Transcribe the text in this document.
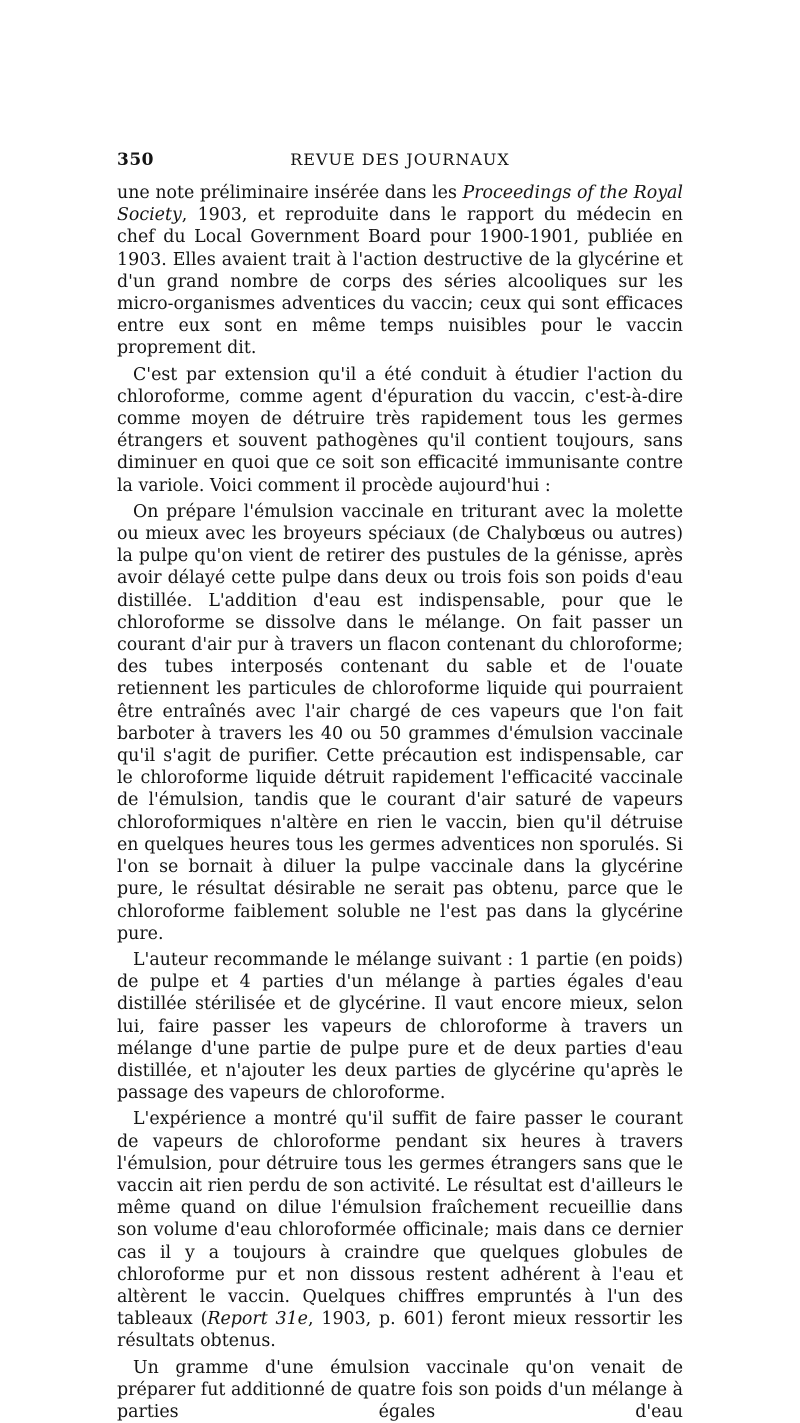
350	REVUE DES JOURNAUX

une note préliminaire insérée dans les Proceedings of the Royal Society, 1903, et reproduite dans le rapport du médecin en chef du Local Government Board pour 1900-1901, publiée en 1903. Elles avaient trait à l'action destructive de la glycérine et d'un grand nombre de corps des séries alcooliques sur les micro-organismes adventices du vaccin; ceux qui sont efficaces entre eux sont en même temps nuisibles pour le vaccin proprement dit.

C'est par extension qu'il a été conduit à étudier l'action du chloroforme, comme agent d'épuration du vaccin, c'est-à-dire comme moyen de détruire très rapidement tous les germes étrangers et souvent pathogènes qu'il contient toujours, sans diminuer en quoi que ce soit son efficacité immunisante contre la variole. Voici comment il procède aujourd'hui :

On prépare l'émulsion vaccinale en triturant avec la molette ou mieux avec les broyeurs spéciaux (de Chalybœus ou autres) la pulpe qu'on vient de retirer des pustules de la génisse, après avoir délayé cette pulpe dans deux ou trois fois son poids d'eau distillée. L'addition d'eau est indispensable, pour que le chloroforme se dissolve dans le mélange. On fait passer un courant d'air pur à travers un flacon contenant du chloroforme; des tubes interposés contenant du sable et de l'ouate retiennent les particules de chloroforme liquide qui pourraient être entraînés avec l'air chargé de ces vapeurs que l'on fait barboter à travers les 40 ou 50 grammes d'émulsion vaccinale qu'il s'agit de purifier. Cette précaution est indispensable, car le chloroforme liquide détruit rapidement l'efficacité vaccinale de l'émulsion, tandis que le courant d'air saturé de vapeurs chloroformiques n'altère en rien le vaccin, bien qu'il détruise en quelques heures tous les germes adventices non sporulés. Si l'on se bornait à diluer la pulpe vaccinale dans la glycérine pure, le résultat désirable ne serait pas obtenu, parce que le chloroforme faiblement soluble ne l'est pas dans la glycérine pure.

L'auteur recommande le mélange suivant : 1 partie (en poids) de pulpe et 4 parties d'un mélange à parties égales d'eau distillée stérilisée et de glycérine. Il vaut encore mieux, selon lui, faire passer les vapeurs de chloroforme à travers un mélange d'une partie de pulpe pure et de deux parties d'eau distillée, et n'ajouter les deux parties de glycérine qu'après le passage des vapeurs de chloroforme.

L'expérience a montré qu'il suffit de faire passer le courant de vapeurs de chloroforme pendant six heures à travers l'émulsion, pour détruire tous les germes étrangers sans que le vaccin ait rien perdu de son activité. Le résultat est d'ailleurs le même quand on dilue l'émulsion fraîchement recueillie dans son volume d'eau chloroformée officinale; mais dans ce dernier cas il y a toujours à craindre que quelques globules de chloroforme pur et non dissous restent adhérent à l'eau et altèrent le vaccin. Quelques chiffres empruntés à l'un des tableaux (Report 31e, 1903, p. 601) feront mieux ressortir les résultats obtenus.

Un gramme d'une émulsion vaccinale qu'on venait de préparer fut additionné de quatre fois son poids d'un mélange à parties égales d'eau
